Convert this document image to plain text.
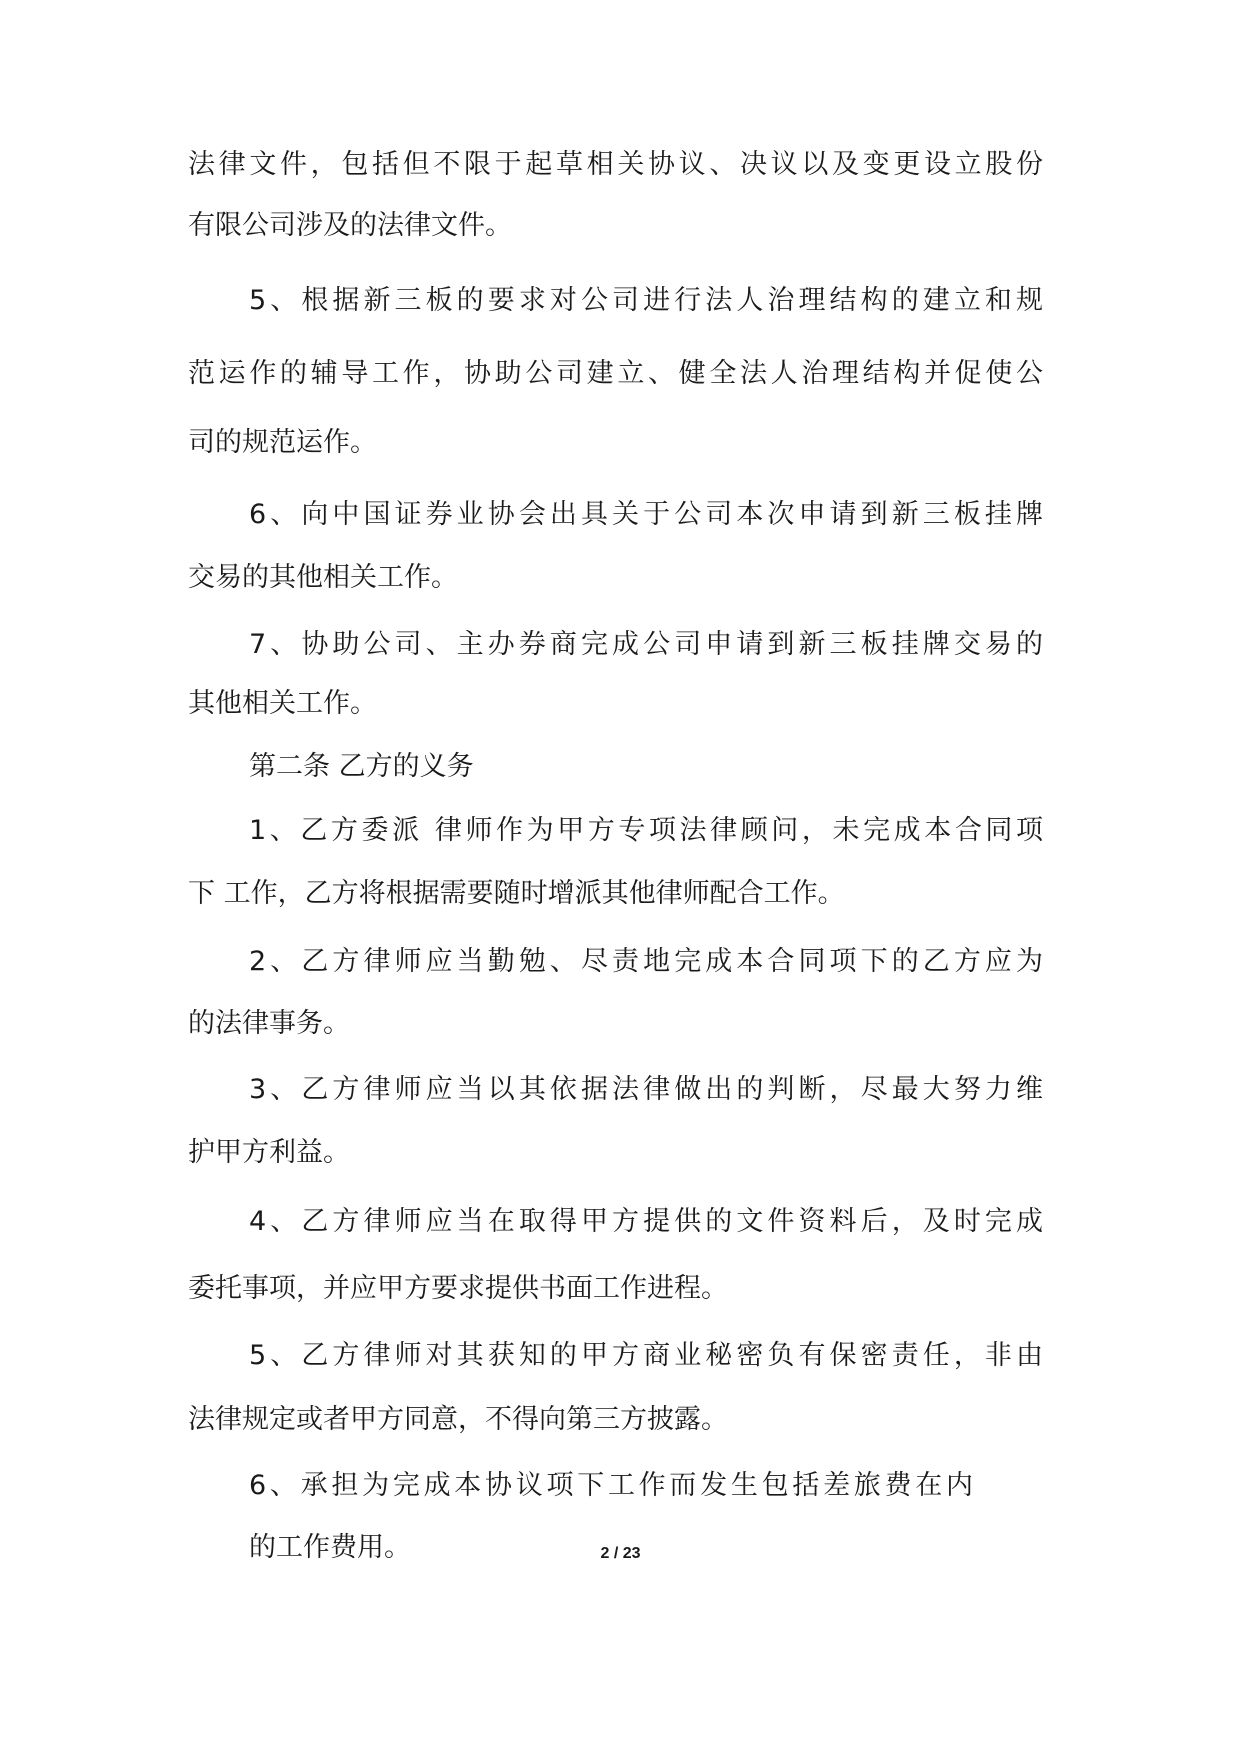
法律文件，包括但不限于起草相关协议、决议以及变更设立股份
有限公司涉及的法律文件。
5、根据新三板的要求对公司进行法人治理结构的建立和规
范运作的辅导工作，协助公司建立、健全法人治理结构并促使公
司的规范运作。
6、向中国证券业协会出具关于公司本次申请到新三板挂牌
交易的其他相关工作。
7、协助公司、主办券商完成公司申请到新三板挂牌交易的
其他相关工作。
第二条 乙方的义务
1、乙方委派 律师作为甲方专项法律顾问，未完成本合同项
下 工作，乙方将根据需要随时增派其他律师配合工作。
2、乙方律师应当勤勉、尽责地完成本合同项下的乙方应为
的法律事务。
3、乙方律师应当以其依据法律做出的判断，尽最大努力维
护甲方利益。
4、乙方律师应当在取得甲方提供的文件资料后，及时完成
委托事项，并应甲方要求提供书面工作进程。
5、乙方律师对其获知的甲方商业秘密负有保密责任，非由
法律规定或者甲方同意，不得向第三方披露。
6、承担为完成本协议项下工作而发生包括差旅费在内
的工作费用。	2 / 23
